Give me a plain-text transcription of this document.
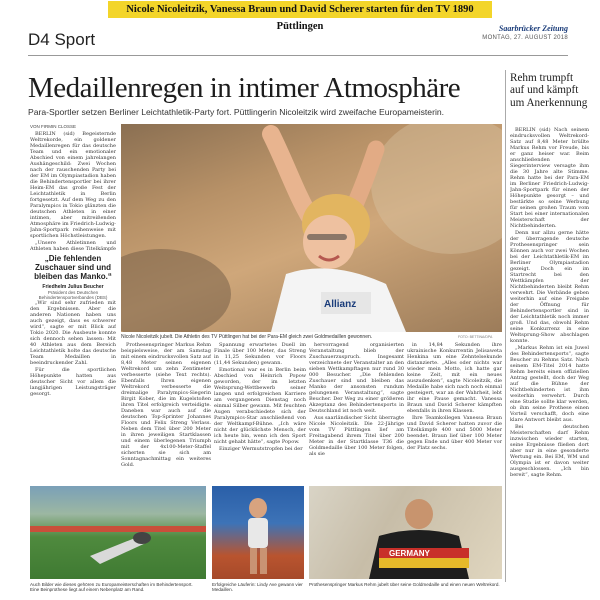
Nicole Nicoleitzik, Vanessa Braun und David Scherer starten für den TV 1890 Püttlingen
D4 Sport
Saarbrücker Zeitung
MONTAG, 27. AUGUST 2018
Medaillenregen in intimer Atmosphäre
Para-Sportler setzen Berliner Leichtathletik-Party fort. Püttlingerin Nicoleitzik wird zweifache Europameisterin.
VON FIRMIN CLOSSE

BERLIN (sid) Begeisternde Weltrekorde, ein goldener Medaillenregen für das deutsche Team und ein emotionaler Abschied von einem jahrelangen Aushängeschild: Zwei Wochen nach der rauschenden Party bei der EM im Olympiastadion haben die Behindertensportler bei ihrer Heim-EM das große Fest der Leichtathletik in Berlin fortgesetzt. Auf dem Weg zu den Paralympics in Tokio glänzten die deutschen Athleten in einer intimen, aber mitreißenden Atmosphäre im Friedrich-Ludwig-Jahn-Sportpark reihenweise mit sportlichen Höchstleistungen.

„Unsere Athletinnen und Athleten haben diese Titelkämpfe

„Die fehlenden Zuschauer sind und bleiben das Manko.“
Friedhelm Julius Beucher
Präsident des Deutschen Behindertensportverbandes (DBS)

„Wir sind sehr zufrieden mit den Ergebnissen. Aber die anderen Nationen haben uns auch gezeigt, dass es schwerer wird“, sagte er mit Blick auf Tokio 2020. Die Ausbeute konnte sich dennoch sehen lassen: Mit 40 Athleten aus dem Bereich Leichtathletik holte das deutsche Team Medaillen in beeindruckender Zahl.

Für die sportlichen Höhepunkte hatten aus deutscher Sicht vor allem die langjährigen Leistungsträger gesorgt.

Allianz
Nicole Nicoleitzik jubelt. Die Athletin des TV Püttlingen hat bei der Para-EM gleich zwei Goldmedaillen gewonnen.	FOTO: BETTINA/DPA

Prothesenspringer Markus Rehm beispielsweise, der am Samstag mit einem eindrucksvollen Satz auf 8,48 Meter seinen eigenen Weltrekord um zehn Zentimeter verbesserte (siehe Text rechts). Ebenfalls Ihren eigenen Weltrekord verbesserte die dreimalige Paralympics-Siegerin Birgit Kober, die im Kugelstoßen ihren Titel erfolgreich verteidigte. Daneben war auch auf die deutschen Top-Sprinter Johannes Floors und Felix Streng Verlass. Neben dem Titel über 200 Meter in ihren jeweiligen Startklassen und einem überlegenen Triumph mit der 4x100-Meter-Staffel sicherten sie sich am Sonntagnachmittag ein weiteres Gold.

Spannung erwartetes Duell im Finale über 100 Meter, das Streng in 11,25 Sekunden vor Floors (11,44 Sekunden) gewann.

Emotional war es in Berlin beim Abschied von Heinrich Popow geworden, der im letzten Weitsprung-Wettbewerb seiner langen und erfolgreichen Karriere am vergangenen Dienstag noch einmal Silber gewann. Mit feuchten Augen verabschiedete sich der Paralympics-Star anschließend von der Weltkampf-Bühne. „Ich wäre nicht der glücklichste Mensch, der ich heute bin, wenn ich den Sport nicht gehabt hätte“, sagte Popow.

Einziger Wermutstropfen bei der

hervorragend organisierten Veranstaltung blieb der Zuschauerzuspruch. Insgesamt verzeichnete der Veranstalter an den sieben Wettkampftagen nur rund 30 000 Besucher. „Die fehlenden Zuschauer sind und bleiben das Manko der ansonsten rundum gelungenen Veranstaltung“, sagte Beucher. Der Weg zu einer größeren Akzeptanz des Behindertensports in Deutschland ist noch weit.

Aus saarländischer Sicht überragte Nicole Nicoleitzik. Die 22-Jährige vom TV Püttlingen lief am Freitagabend ihrem Titel über 200 Meter in der Startklasse T36 die Goldmedaille über 100 Meter folgen, als sie

in 14,84 Sekunden ihre ukrainische Konkurrentin Jelisaweta Henkina um eine Zehntelsekunde distanzierte. „Alles oder nichts war wieder mein Motto, ich hatte gar keine Zeit, mit ein neues auszudenken“, sagte Nicoleitzik, die Medaille habe sich nach noch einmal gesteigert, war an der Wahrheit, lebt ihr eine Pause gemacht. Vanessa Braun und David Scherer kämpften ebenfalls in ihren Klassen.

Ihre Teamkollegen Vanessa Braun und David Scherer hatten zuvor die Titelkämpfe 400 und 5000 Meter beendet. Braun lief über 100 Meter gegen Ende und über 400 Meter vor der Platz sechs.

Auch Bilder wie dieses gehören zu Europameisterschaften im Behindertensport. Eine Beinprothese liegt auf einem Nebenplatz am Rand.
Erfolgreiche Läuferin: Lindy Ave gewann vier Medaillen.
GERMANY
Prothesenspringer Markus Rehm jubelt über seine Goldmedaille und einen neuen Weltrekord.
Rehm trumpft auf und kämpft um Anerkennung

BERLIN (sid) Nach seinem eindrucksvollen Weltrekord-Satz auf 8,48 Meter brüllte Markus Rehm vor Freude, bis er ganz heiser war. Beim anschließenden Siegerinterview versagte ihm die 30 Jahre alte Stimme. Rehm hatte bei der Para-EM im Berliner Friedrich-Ludwig-Jahn-Sportpark für einen der Höhepunkte gesorgt – und bestärkte so seine Werbung für seinen großen Traum vom Start bei einer internationalen Meisterschaft der Nichtbehinderten.

Denn nur allzu gerne hätte der überragende deutsche Prothesenspringer sein Können auch vor zwei Wochen bei der Leichtathletik-EM im Berliner Olympiastadion gezeigt. Doch ein im Startrecht bei den Wettkämpfen der Nichtbehinderten bleibt Rehm verwehrt. Die Verbände geben weiterhin auf eine Freigabe der Öffnung für Behindertensportler sind in der Leichtathletik noch immer groß. Und das, obwohl Rehm seine Konkurrenz in eine Weltsprung-Show abschlagen konnte.

„Markus Rehm ist ein Juwel des Behindertensports“, sagte Beucher zu Rehms Satz. Nach seinem EM-Titel 2014 hatte Rehm bereits einen offiziellen Antrag gestellt, doch der Weg auf die Bühne der Nichtbehinderten ist ihm weiterhin verwehrt. Durch eine Studie sollte klar werden, ob ihm seine Prothese einen Vorteil verschafft, doch eine klare Antwort bleibt aus.

Bei deutschen Meisterschaften darf Rehm inzwischen wieder starten, seine Ergebnisse fließen dort aber nur in eine gesonderte Wertung ein. Bei EM, WM und Olympia ist er davon weiter ausgeschlossen. „Ich bin bereit“, sagte Rehm.
